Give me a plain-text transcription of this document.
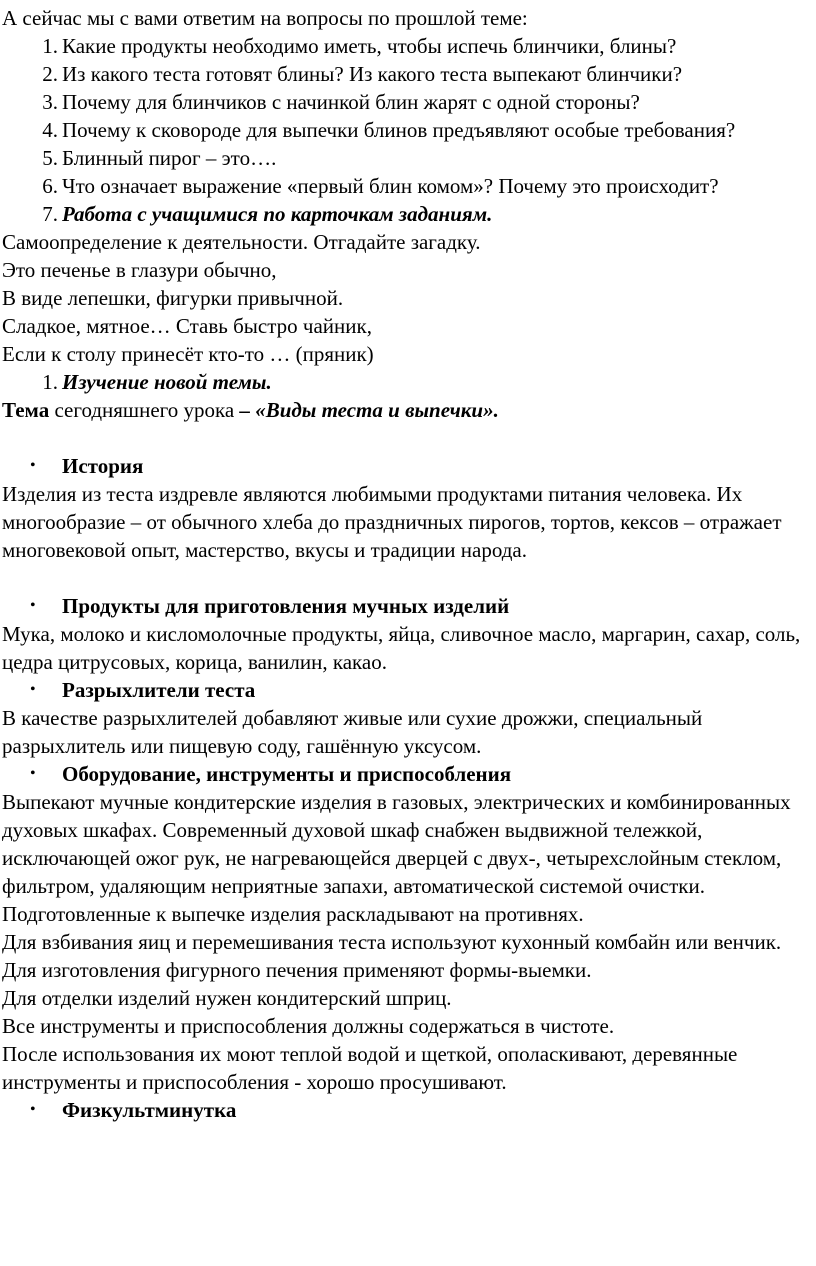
А сейчас мы с вами ответим на вопросы по прошлой теме:

1. Какие продукты необходимо иметь, чтобы испечь блинчики, блины?
2. Из какого теста готовят блины? Из какого теста выпекают блинчики?
3. Почему для блинчиков с начинкой блин жарят с одной стороны?
4. Почему к сковороде для выпечки блинов предъявляют особые требования?
5. Блинный пирог – это….
6. Что означает выражение «первый блин комом»? Почему это происходит?
7. Работа с учащимися по карточкам заданиям.

Самоопределение к деятельности. Отгадайте загадку.

Это печенье в глазури обычно,

В виде лепешки, фигурки привычной.

Сладкое, мятное… Ставь быстро чайник,

Если к столу принесёт кто-то … (пряник)

1. Изучение новой темы.

Тема сегодняшнего урока – «Виды теста и выпечки».

•	История

Изделия из теста издревле являются любимыми продуктами питания человека. Их многообразие – от обычного хлеба до праздничных пирогов, тортов, кексов – отражает многовековой опыт, мастерство, вкусы и традиции народа.

•	Продукты для приготовления мучных изделий

Мука, молоко и кисломолочные продукты, яйца, сливочное масло, маргарин, сахар, соль, цедра цитрусовых, корица, ванилин, какао.

•	Разрыхлители теста

В качестве разрыхлителей добавляют живые или сухие дрожжи, специальный разрыхлитель или пищевую соду, гашённую уксусом.

•	Оборудование, инструменты и приспособления

Выпекают мучные кондитерские изделия в газовых, электрических и комбинированных духовых шкафах. Современный духовой шкаф снабжен выдвижной тележкой, исключающей ожог рук, не нагревающейся дверцей с двух-, четырехслойным стеклом, фильтром, удаляющим неприятные запахи, автоматической системой очистки.

Подготовленные к выпечке изделия раскладывают на противнях.

Для взбивания яиц и перемешивания теста используют кухонный комбайн или венчик.

Для изготовления фигурного печения применяют формы-выемки.

Для отделки изделий нужен кондитерский шприц.

Все инструменты и приспособления должны содержаться в чистоте.

После использования их моют теплой водой и щеткой, ополаскивают, деревянные инструменты и приспособления - хорошо просушивают.

•	Физкультминутка
